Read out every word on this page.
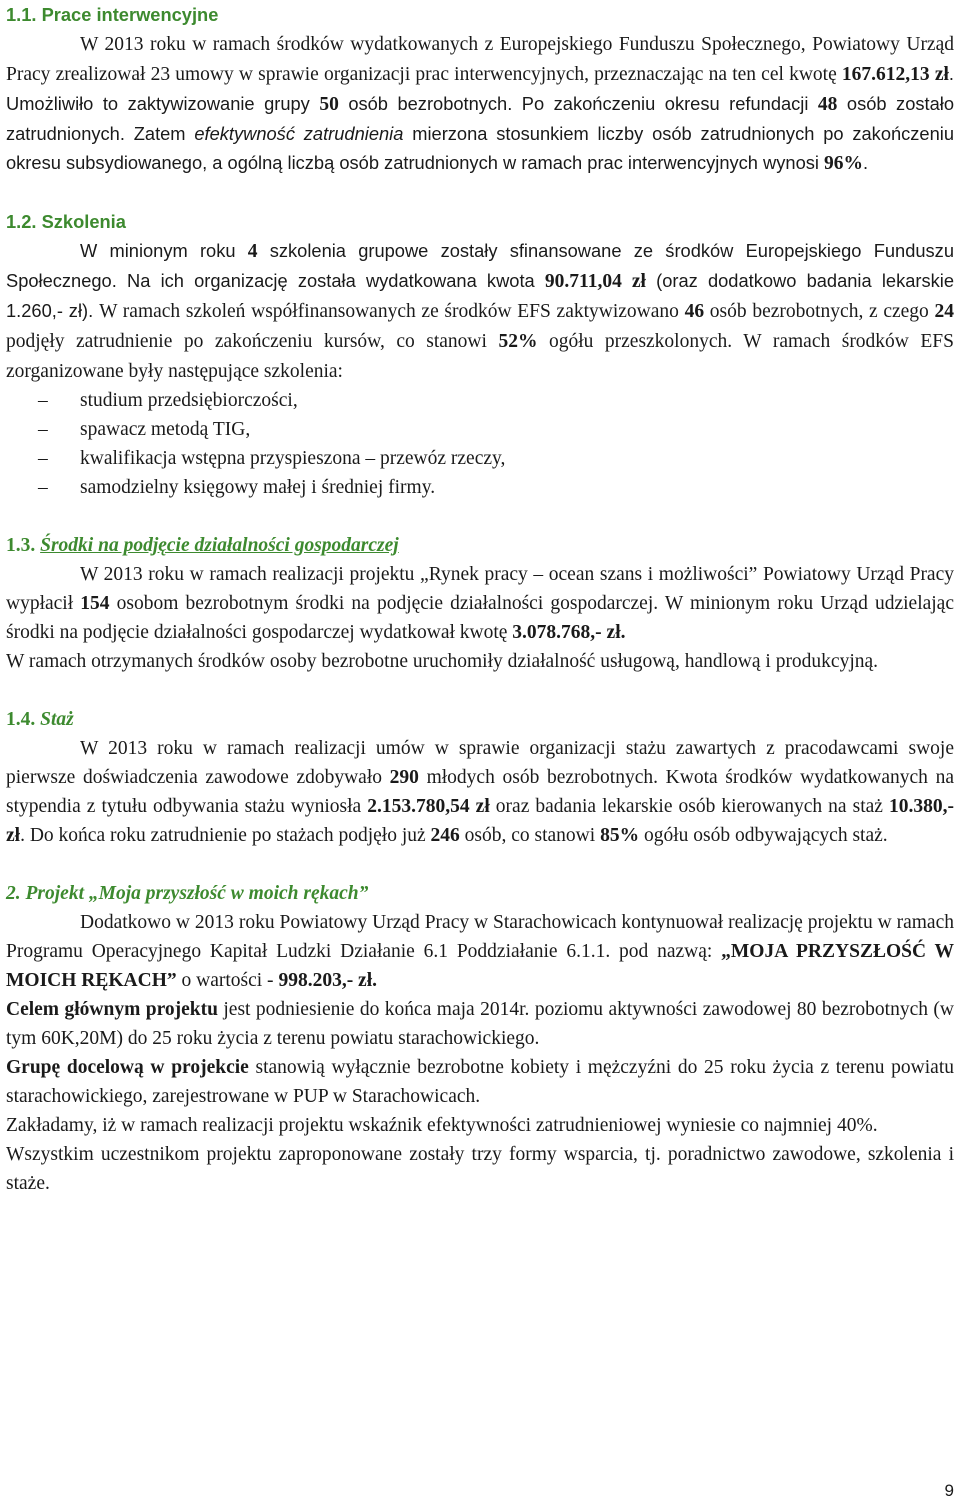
1.1. Prace interwencyjne

W 2013 roku w ramach środków wydatkowanych z Europejskiego Funduszu Społecznego, Powiatowy Urząd Pracy zrealizował 23 umowy w sprawie organizacji prac interwencyjnych, przeznaczając na ten cel kwotę 167.612,13 zł. Umożliwiło to zaktywizowanie grupy 50 osób bezrobotnych. Po zakończeniu okresu refundacji 48 osób zostało zatrudnionych. Zatem efektywność zatrudnienia mierzona stosunkiem liczby osób zatrudnionych po zakończeniu okresu subsydiowanego, a ogólną liczbą osób zatrudnionych w ramach prac interwencyjnych wynosi 96%.

1.2. Szkolenia

W minionym roku 4 szkolenia grupowe zostały sfinansowane ze środków Europejskiego Funduszu Społecznego. Na ich organizację została wydatkowana kwota 90.711,04 zł (oraz dodatkowo badania lekarskie 1.260,- zł). W ramach szkoleń współfinansowanych ze środków EFS zaktywizowano 46 osób bezrobotnych, z czego 24 podjęły zatrudnienie po zakończeniu kursów, co stanowi 52% ogółu przeszkolonych. W ramach środków EFS zorganizowane były następujące szkolenia:

– studium przedsiębiorczości,
– spawacz metodą TIG,
– kwalifikacja wstępna przyspieszona – przewóz rzeczy,
– samodzielny księgowy małej i średniej firmy.
1.3. Środki na podjęcie działalności gospodarczej

W 2013 roku w ramach realizacji projektu „Rynek pracy – ocean szans i możliwości” Powiatowy Urząd Pracy wypłacił 154 osobom bezrobotnym środki na podjęcie działalności gospodarczej. W minionym roku Urząd udzielając środki na podjęcie działalności gospodarczej wydatkował kwotę 3.078.768,- zł.

W ramach otrzymanych środków osoby bezrobotne uruchomiły działalność usługową, handlową i produkcyjną.

1.4. Staż

W 2013 roku w ramach realizacji umów w sprawie organizacji stażu zawartych z pracodawcami swoje pierwsze doświadczenia zawodowe zdobywało 290 młodych osób bezrobotnych. Kwota środków wydatkowanych na stypendia z tytułu odbywania stażu wyniosła 2.153.780,54 zł oraz badania lekarskie osób kierowanych na staż 10.380,- zł. Do końca roku zatrudnienie po stażach podjęło już 246 osób, co stanowi 85% ogółu osób odbywających staż.

2. Projekt „Moja przyszłość w moich rękach”

Dodatkowo w 2013 roku Powiatowy Urząd Pracy w Starachowicach kontynuował realizację projektu w ramach Programu Operacyjnego Kapitał Ludzki Działanie 6.1 Poddziałanie 6.1.1. pod nazwą: „MOJA PRZYSZŁOŚĆ W MOICH RĘKACH” o wartości - 998.203,- zł.

Celem głównym projektu jest podniesienie do końca maja 2014r. poziomu aktywności zawodowej 80 bezrobotnych (w tym 60K,20M) do 25 roku życia z terenu powiatu starachowickiego.

Grupę docelową w projekcie stanowią wyłącznie bezrobotne kobiety i mężczyźni do 25 roku życia z terenu powiatu starachowickiego, zarejestrowane w PUP w Starachowicach.

Zakładamy, iż w ramach realizacji projektu wskaźnik efektywności zatrudnieniowej wyniesie co najmniej 40%.

Wszystkim uczestnikom projektu zaproponowane zostały trzy formy wsparcia, tj. poradnictwo zawodowe, szkolenia i staże.

9
